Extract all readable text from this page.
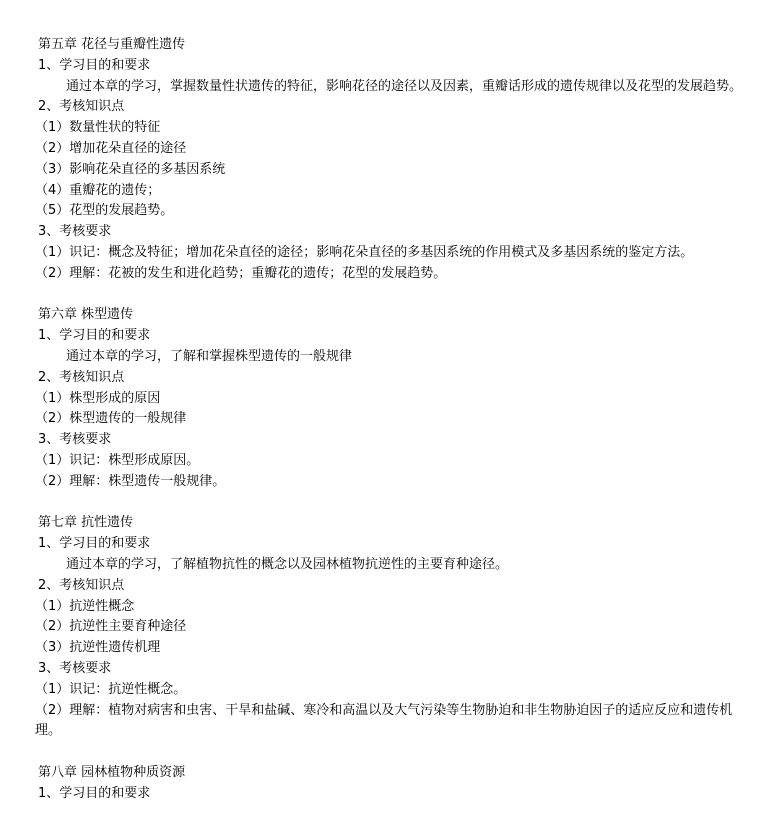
第五章 花径与重瓣性遗传
1、学习目的和要求
通过本章的学习，掌握数量性状遗传的特征，影响花径的途径以及因素，重瓣话形成的遗传规律以及花型的发展趋势。
2、考核知识点
（1）数量性状的特征
（2）增加花朵直径的途径
（3）影响花朵直径的多基因系统
（4）重瓣花的遗传；
（5）花型的发展趋势。
3、考核要求
（1）识记：概念及特征；增加花朵直径的途径；影响花朵直径的多基因系统的作用模式及多基因系统的鉴定方法。
（2）理解：花被的发生和进化趋势；重瓣花的遗传；花型的发展趋势。
第六章 株型遗传
1、学习目的和要求
通过本章的学习，了解和掌握株型遗传的一般规律
2、考核知识点
（1）株型形成的原因
（2）株型遗传的一般规律
3、考核要求
（1）识记：株型形成原因。
（2）理解：株型遗传一般规律。
第七章 抗性遗传
1、学习目的和要求
通过本章的学习，了解植物抗性的概念以及园林植物抗逆性的主要育种途径。
2、考核知识点
（1）抗逆性概念
（2）抗逆性主要育种途径
（3）抗逆性遗传机理
3、考核要求
（1）识记：抗逆性概念。
（2）理解：植物对病害和虫害、干旱和盐碱、寒冷和高温以及大气污染等生物胁迫和非生物胁迫因子的适应反应和遗传机理。
第八章 园林植物种质资源
1、学习目的和要求
